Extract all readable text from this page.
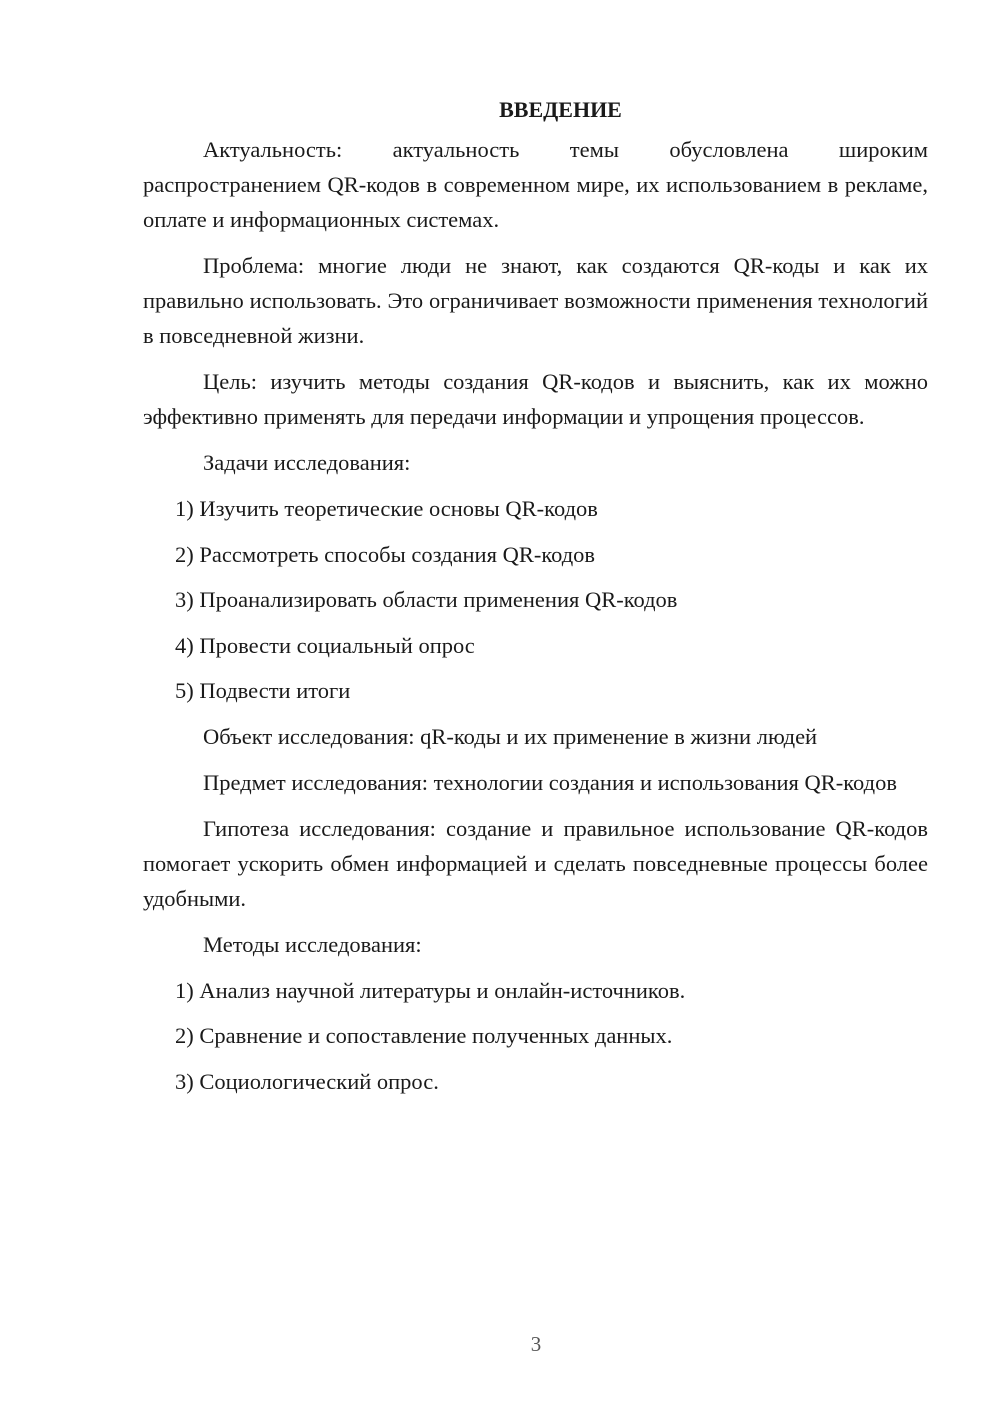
ВВЕДЕНИЕ

Актуальность: актуальность темы обусловлена широким распространением QR-кодов в современном мире, их использованием в рекламе, оплате и информационных системах.

Проблема: многие люди не знают, как создаются QR-коды и как их правильно использовать. Это ограничивает возможности применения технологий в повседневной жизни.

Цель: изучить методы создания QR-кодов и выяснить, как их можно эффективно применять для передачи информации и упрощения процессов.

Задачи исследования:

1) Изучить теоретические основы QR-кодов
2) Рассмотреть способы создания QR-кодов
3) Проанализировать области применения QR-кодов
4) Провести социальный опрос
5) Подвести итоги

Объект исследования: qR-коды и их применение в жизни людей

Предмет исследования: технологии создания и использования QR-кодов

Гипотеза исследования: создание и правильное использование QR-кодов помогает ускорить обмен информацией и сделать повседневные процессы более удобными.

Методы исследования:

1) Анализ научной литературы и онлайн-источников.
2) Сравнение и сопоставление полученных данных.
3) Социологический опрос.
3
